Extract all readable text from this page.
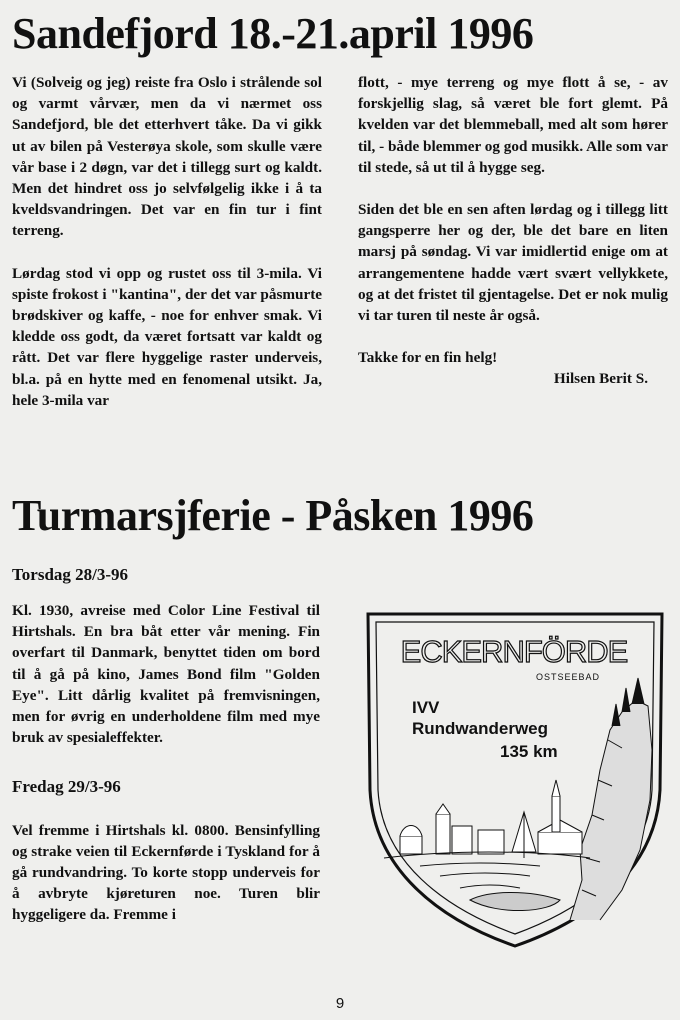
Sandefjord 18.-21.april 1996

Vi (Solveig og jeg) reiste fra Oslo i strålende sol og varmt vårvær, men da vi nærmet oss Sandefjord, ble det etterhvert tåke. Da vi gikk ut av bilen på Vesterøya skole, som skulle være vår base i 2 døgn, var det i tillegg surt og kaldt. Men det hindret oss jo selvfølgelig ikke i å ta kveldsvandringen. Det var en fin tur i fint terreng.

Lørdag stod vi opp og rustet oss til 3-mila. Vi spiste frokost i "kantina", der det var påsmurte brødskiver og kaffe, - noe for enhver smak. Vi kledde oss godt, da været fortsatt var kaldt og rått. Det var flere hyggelige raster underveis, bl.a. på en hytte med en fenomenal utsikt. Ja, hele 3-mila var

flott, - mye terreng og mye flott å se, - av forskjellig slag, så været ble fort glemt. På kvelden var det blemmeball, med alt som hører til, - både blemmer og god musikk. Alle som var til stede, så ut til å hygge seg.

Siden det ble en sen aften lørdag og i tillegg litt gangsperre her og der, ble det bare en liten marsj på søndag. Vi var imidlertid enige om at arrangementene hadde vært svært vellykkete, og at det fristet til gjentagelse. Det er nok mulig vi tar turen til neste år også.

Takke for en fin helg!

Hilsen Berit S.
Turmarsjferie - Påsken 1996
Torsdag 28/3-96

Kl. 1930, avreise med Color Line Festival til Hirtshals. En bra båt etter vår mening. Fin overfart til Danmark, benyttet tiden om bord til å gå på kino, James Bond film "Golden Eye". Litt dårlig kvalitet på fremvisningen, men for øvrig en underholdene film med mye bruk av spesialeffekter.

Fredag 29/3-96

Vel fremme i Hirtshals kl. 0800. Bensinfylling og strake veien til Eckernførde i Tyskland for å gå rundvandring. To korte stopp underveis for å avbryte kjøreturen noe. Turen blir hyggeligere da. Fremme i

ECKERNFÖRDE
OSTSEEBAD
IVV
Rundwanderweg
135 km
9
